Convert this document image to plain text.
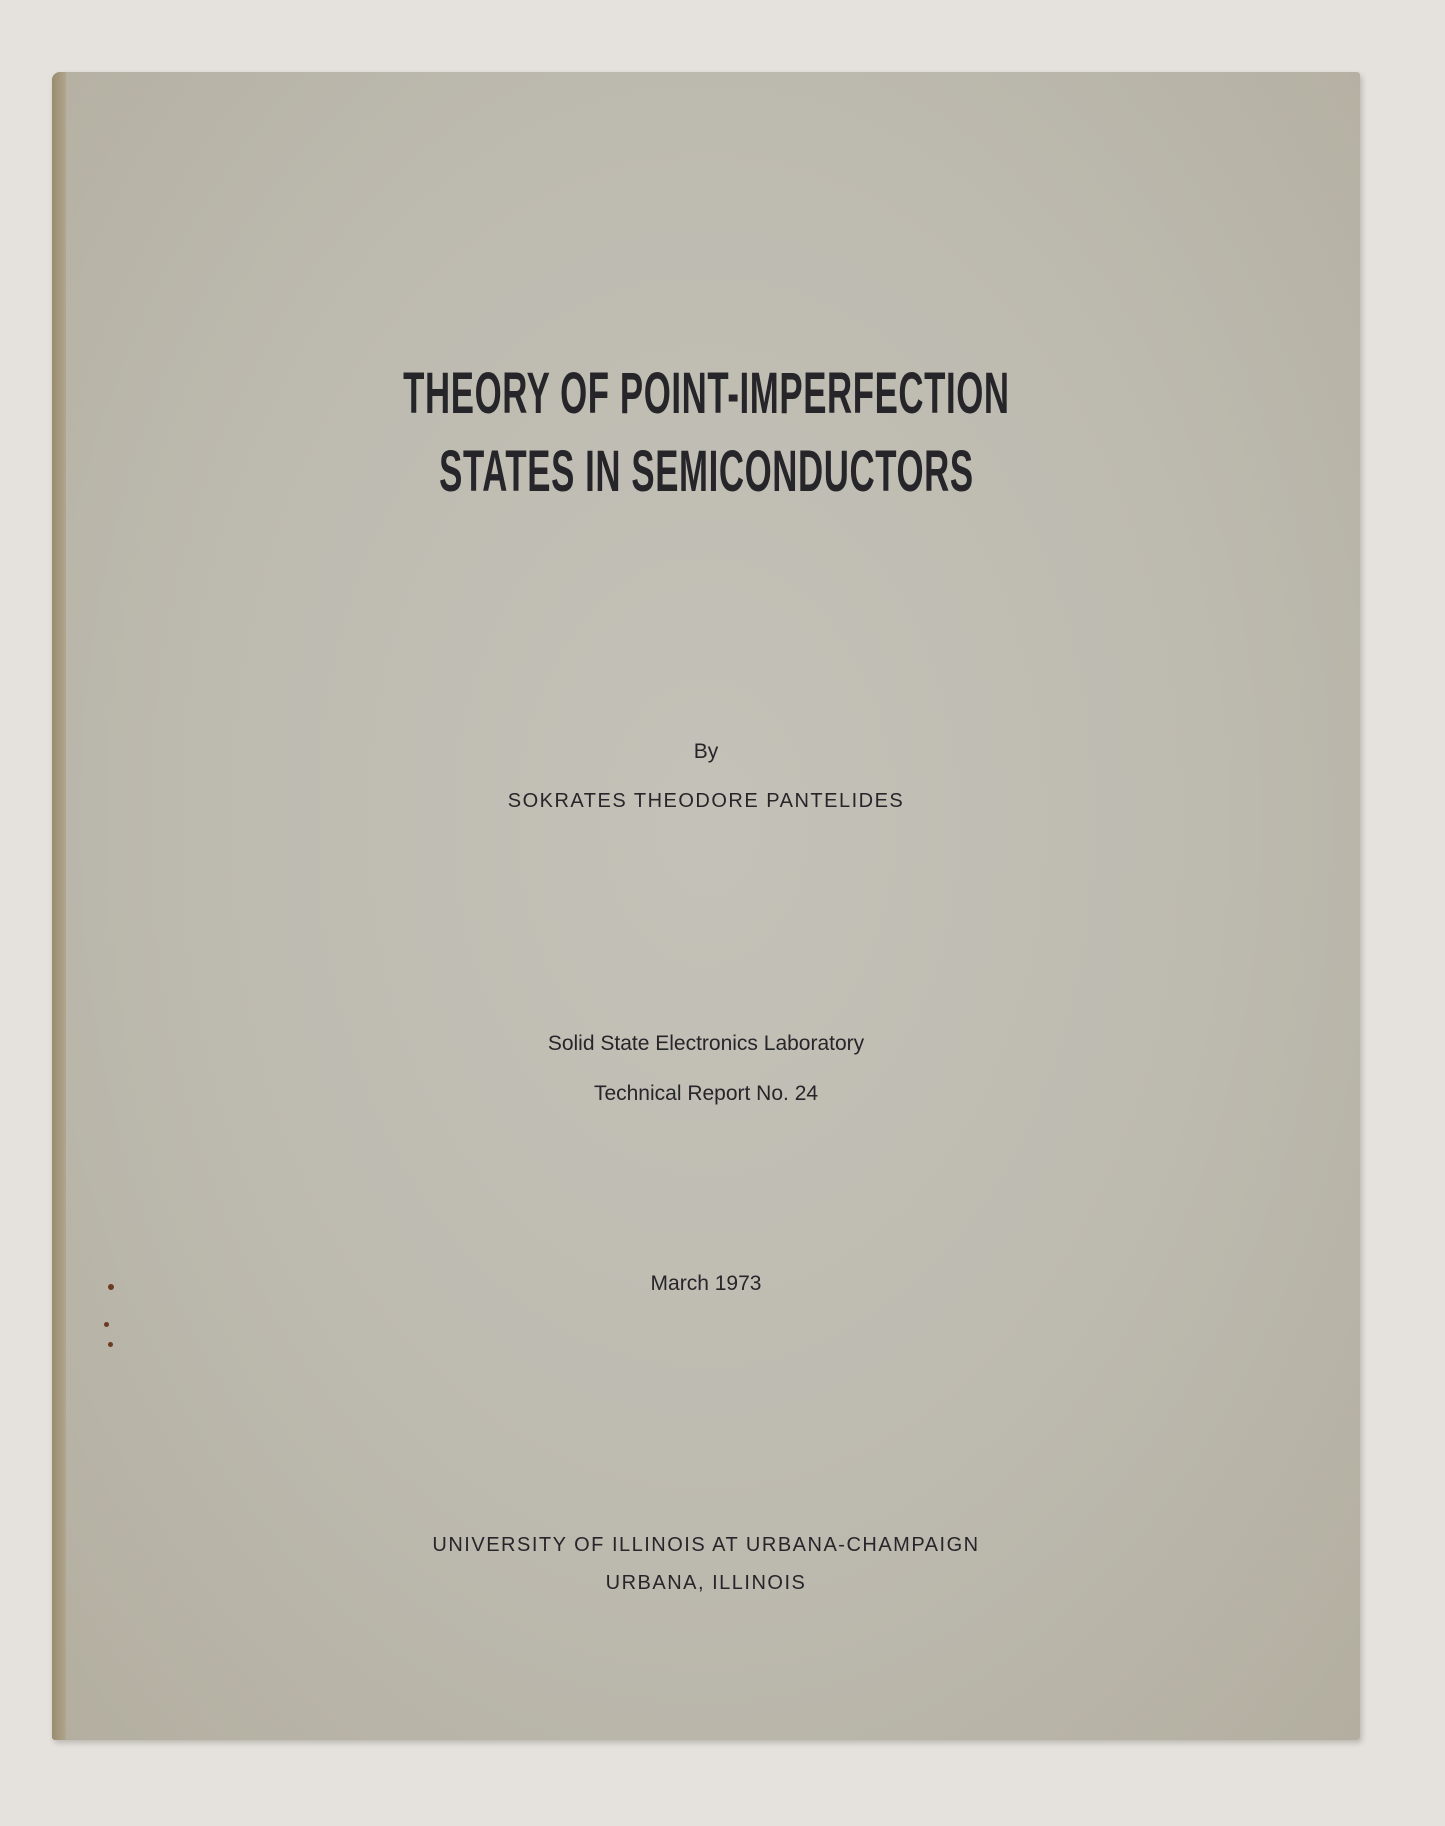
THEORY OF POINT-IMPERFECTION
STATES IN SEMICONDUCTORS
By
SOKRATES THEODORE PANTELIDES
Solid State Electronics Laboratory
Technical Report No. 24
March 1973
UNIVERSITY OF ILLINOIS AT URBANA-CHAMPAIGN
URBANA, ILLINOIS
